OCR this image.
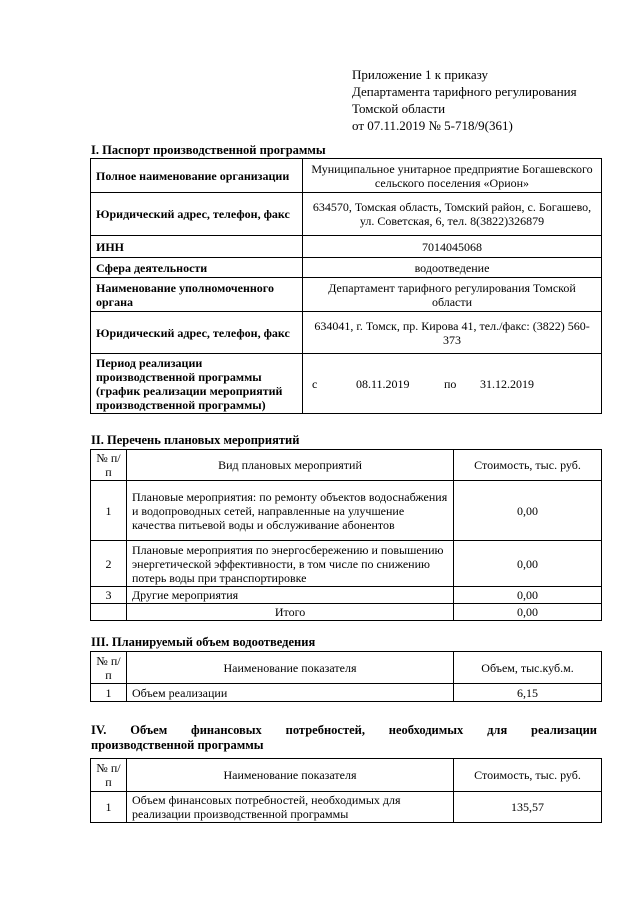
Приложение 1 к приказу
Департамента тарифного регулирования
Томской области
от 07.11.2019 № 5-718/9(361)
I. Паспорт производственной программы
Полное наименование организации	Муниципальное унитарное предприятие Богашевского сельского поселения «Орион»
Юридический адрес, телефон, факс	634570, Томская область, Томский район, с. Богашево, ул. Советская, 6, тел. 8(3822)326879
ИНН	7014045068
Сфера деятельности	водоотведение
Наименование уполномоченного органа	Департамент тарифного регулирования Томской области
Юридический адрес, телефон, факс	634041, г. Томск, пр. Кирова 41, тел./факс: (3822) 560-373
Период реализации производственной программы (график реализации мероприятий производственной программы)	с 08.11.2019 по 31.12.2019
II. Перечень плановых мероприятий
№ п/п	Вид плановых мероприятий	Стоимость, тыс. руб.
1	Плановые мероприятия: по ремонту объектов водоснабжения и водопроводных сетей, направленные на улучшение качества питьевой воды и обслуживание абонентов	0,00
2	Плановые мероприятия по энергосбережению и повышению энергетической эффективности, в том числе по снижению потерь воды при транспортировке	0,00
3	Другие мероприятия	0,00
	Итого	0,00
III. Планируемый объем водоотведения
№ п/п	Наименование показателя	Объем, тыс.куб.м.
1	Объем реализации	6,15
IV. Объем финансовых потребностей, необходимых для реализации
производственной программы
№ п/п	Наименование показателя	Стоимость, тыс. руб.
1	Объем финансовых потребностей, необходимых для реализации производственной программы	135,57
